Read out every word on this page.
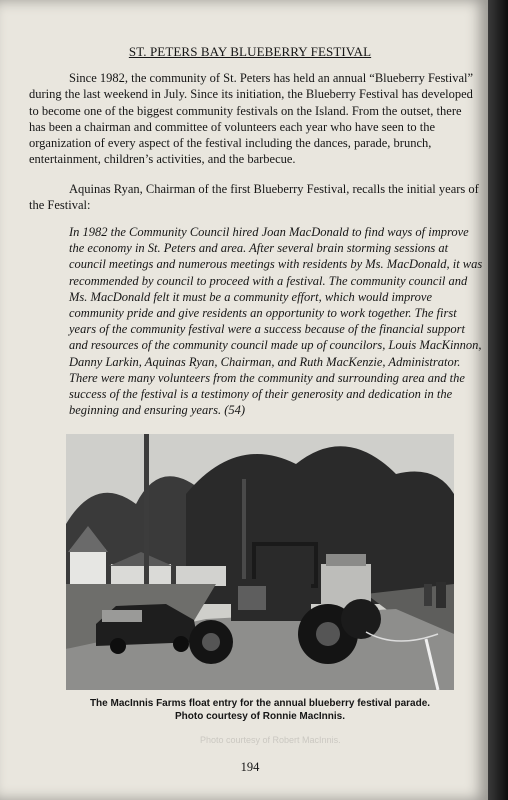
ST. PETERS BAY BLUEBERRY FESTIVAL
Since 1982, the community of St. Peters has held an annual “Blueberry Festival” during the last weekend in July. Since its initiation, the Blueberry Festival has developed to become one of the biggest community festivals on the Island. From the outset, there has been a chairman and committee of volunteers each year who have seen to the organization of every aspect of the festival including the dances, parade, brunch, entertainment, children’s activities, and the barbecue.
Aquinas Ryan, Chairman of the first Blueberry Festival, recalls the initial years of the Festival:
In 1982 the Community Council hired Joan MacDonald to find ways of improve the economy in St. Peters and area. After several brain storming sessions at council meetings and numerous meetings with residents by Ms. MacDonald, it was recommended by council to proceed with a festival. The community council and Ms. MacDonald felt it must be a community effort, which would improve community pride and give residents an opportunity to work together. The first years of the community festival were a success because of the financial support and resources of the community council made up of councilors, Louis MacKinnon, Danny Larkin, Aquinas Ryan, Chairman, and Ruth MacKenzie, Administrator. There were many volunteers from the community and surrounding area and the success of the festival is a testimony of their generosity and dedication in the beginning and ensuring years. (54)
The MacInnis Farms float entry for the annual blueberry festival parade.
Photo courtesy of Ronnie MacInnis.
Photo courtesy of Robert MacInnis.
194
